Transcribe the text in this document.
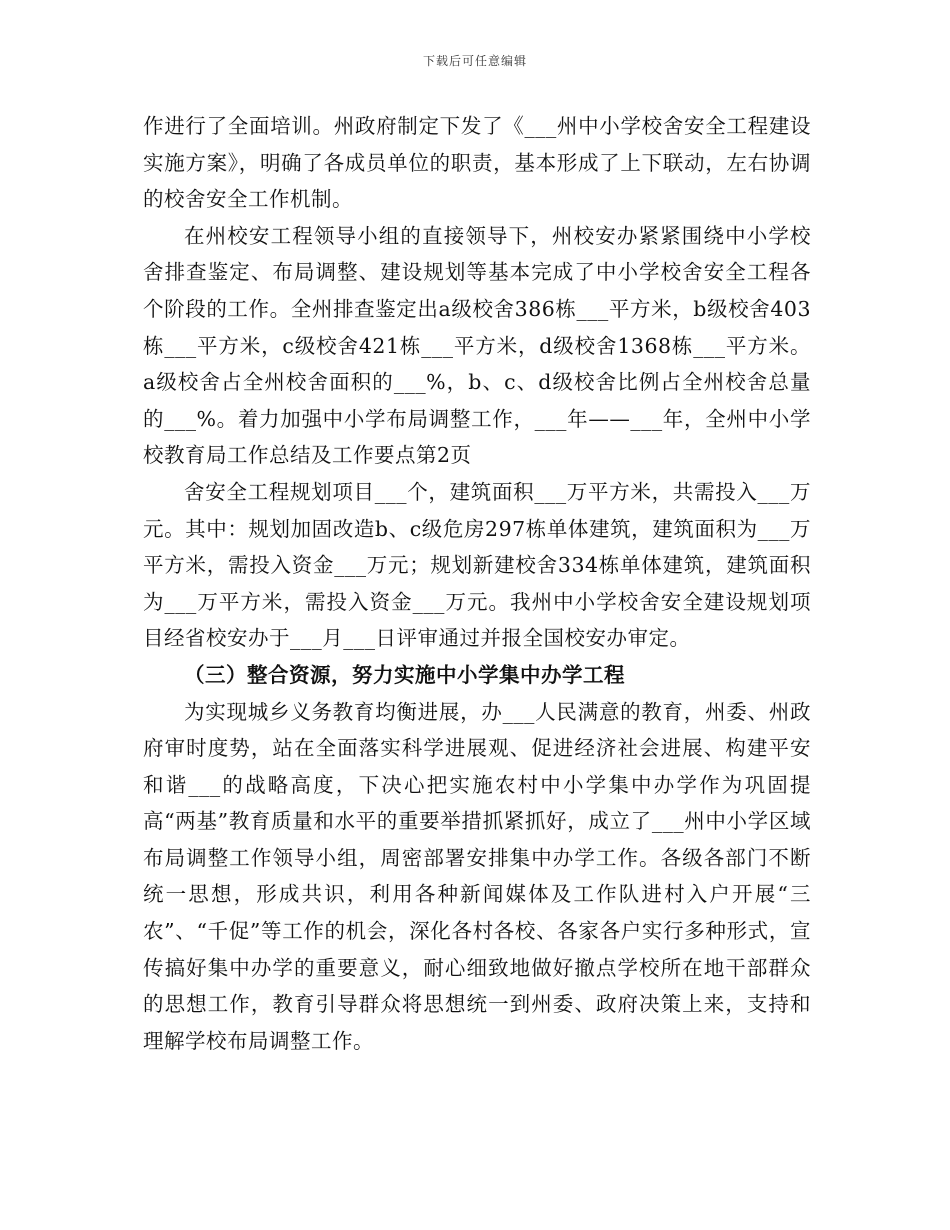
下载后可任意编辑

作进行了全面培训。州政府制定下发了《___州中小学校舍安全工程建设实施方案》，明确了各成员单位的职责，基本形成了上下联动，左右协调的校舍安全工作机制。

在州校安工程领导小组的直接领导下，州校安办紧紧围绕中小学校舍排查鉴定、布局调整、建设规划等基本完成了中小学校舍安全工程各个阶段的工作。全州排查鉴定出a级校舍386栋___平方米，b级校舍403栋___平方米，c级校舍421栋___平方米，d级校舍1368栋___平方米。a级校舍占全州校舍面积的___%，b、c、d级校舍比例占全州校舍总量的___%。着力加强中小学布局调整工作，___年——___年，全州中小学校教育局工作总结及工作要点第2页

舍安全工程规划项目___个，建筑面积___万平方米，共需投入___万元。其中：规划加固改造b、c级危房297栋单体建筑，建筑面积为___万平方米，需投入资金___万元；规划新建校舍334栋单体建筑，建筑面积为___万平方米，需投入资金___万元。我州中小学校舍安全建设规划项目经省校安办于___月___日评审通过并报全国校安办审定。

（三）整合资源，努力实施中小学集中办学工程

为实现城乡义务教育均衡进展，办___人民满意的教育，州委、州政府审时度势，站在全面落实科学进展观、促进经济社会进展、构建平安和谐___的战略高度，下决心把实施农村中小学集中办学作为巩固提高“两基”教育质量和水平的重要举措抓紧抓好，成立了___州中小学区域布局调整工作领导小组，周密部署安排集中办学工作。各级各部门不断统一思想，形成共识，利用各种新闻媒体及工作队进村入户开展“三农”、“千促”等工作的机会，深化各村各校、各家各户实行多种形式，宣传搞好集中办学的重要意义，耐心细致地做好撤点学校所在地干部群众的思想工作，教育引导群众将思想统一到州委、政府决策上来，支持和理解学校布局调整工作。
